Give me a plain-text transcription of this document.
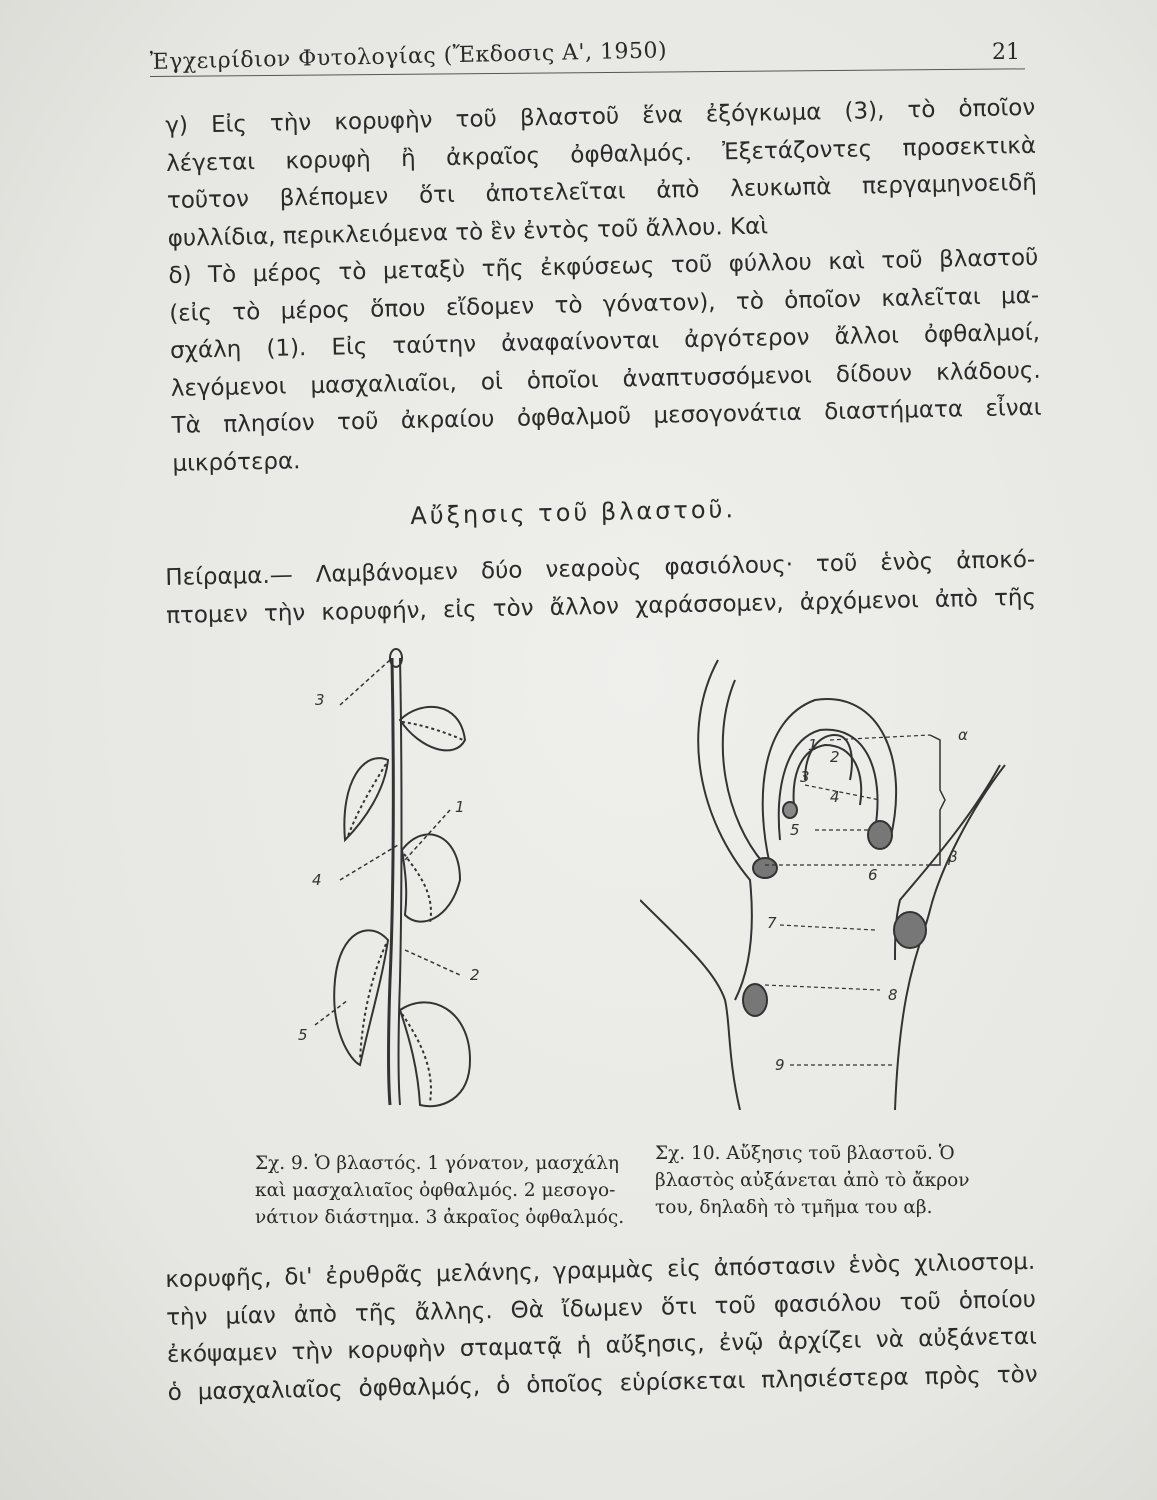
Ἐγχειρίδιον Φυτολογίας (Ἔκδοσις Α', 1950)	21
γ) Εἰς τὴν κορυφὴν τοῦ βλαστοῦ ἕνα ἐξόγκωμα (3), τὸ ὁποῖον
λέγεται κορυφὴ ἢ ἀκραῖος ὀφθαλμός. Ἐξετάζοντες προσεκτικὰ
τοῦτον βλέπομεν ὅτι ἀποτελεῖται ἀπὸ λευκωπὰ περγαμηνοειδῆ
φυλλίδια, περικλειόμενα τὸ ἓν ἐντὸς τοῦ ἄλλου. Καὶ
δ) Τὸ μέρος τὸ μεταξὺ τῆς ἐκφύσεως τοῦ φύλλου καὶ τοῦ βλαστοῦ
(εἰς τὸ μέρος ὅπου εἴδομεν τὸ γόνατον), τὸ ὁποῖον καλεῖται μα-
σχάλη (1). Εἰς ταύτην ἀναφαίνονται ἀργότερον ἄλλοι ὀφθαλμοί,
λεγόμενοι μασχαλιαῖοι, οἱ ὁποῖοι ἀναπτυσσόμενοι δίδουν κλάδους.
Τὰ πλησίον τοῦ ἀκραίου ὀφθαλμοῦ μεσογονάτια διαστήματα εἶναι
μικρότερα.
Αὔξησις τοῦ βλαστοῦ.
Πείραμα.— Λαμβάνομεν δύο νεαροὺς φασιόλους· τοῦ ἑνὸς ἀποκό-
πτομεν τὴν κορυφήν, εἰς τὸν ἄλλον χαράσσομεν, ἀρχόμενοι ἀπὸ τῆς
3
1
4
2
5
α
1
2
3
4
5
β
6
7
8
9
Σχ. 9. Ὁ βλαστός. 1 γόνατον, μασχάλη
καὶ μασχαλιαῖος ὀφθαλμός. 2 μεσογο-
νάτιον διάστημα. 3 ἀκραῖος ὀφθαλμός.
Σχ. 10. Αὔξησις τοῦ βλαστοῦ. Ὁ
βλαστὸς αὐξάνεται ἀπὸ τὸ ἄκρον
του, δηλαδὴ τὸ τμῆμα του αβ.
κορυφῆς, δι' ἐρυθρᾶς μελάνης, γραμμὰς εἰς ἀπόστασιν ἑνὸς χιλιοστομ.
τὴν μίαν ἀπὸ τῆς ἄλλης. Θὰ ἴδωμεν ὅτι τοῦ φασιόλου τοῦ ὁποίου
ἐκόψαμεν τὴν κορυφὴν σταματᾷ ἡ αὔξησις, ἐνῷ ἀρχίζει νὰ αὐξάνεται
ὁ μασχαλιαῖος ὀφθαλμός, ὁ ὁποῖος εὑρίσκεται πλησιέστερα πρὸς τὸν
